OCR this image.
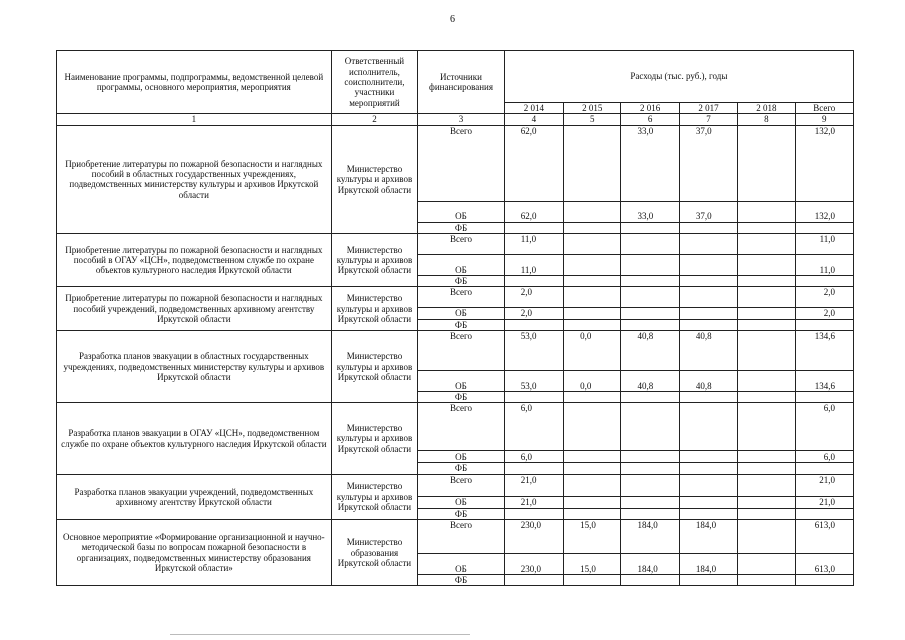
6
Наименование программы, подпрограммы, ведомственной целевой программы, основного мероприятия, мероприятия	Ответственный исполнитель, соисполнители, участники мероприятий	Источники финансирования	Расходы (тыс. руб.), годы					
			2 014	2 015	2 016	2 017	2 018	Всего
1	2	3	4	5	6	7	8	9
Приобретение литературы по пожарной безопасности и наглядных пособий в областных государственных учреждениях, подведомственных министерству культуры и архивов Иркутской области	Министерство культуры и архивов Иркутской области	Всего	62,0		33,0	37,0		132,0
		ОБ	62,0		33,0	37,0		132,0
		ФБ						
Приобретение литературы по пожарной безопасности и наглядных пособий в ОГАУ «ЦСН», подведомственном службе по охране объектов культурного наследия Иркутской области	Министерство культуры и архивов Иркутской области	Всего	11,0					11,0
		ОБ	11,0					11,0
		ФБ						
Приобретение литературы по пожарной безопасности и наглядных пособий учреждений, подведомственных архивному агентству Иркутской области	Министерство культуры и архивов Иркутской области	Всего	2,0					2,0
		ОБ	2,0					2,0
		ФБ						
Разработка планов эвакуации в областных государственных учреждениях, подведомственных министерству культуры и архивов Иркутской области	Министерство культуры и архивов Иркутской области	Всего	53,0	0,0	40,8	40,8		134,6
		ОБ	53,0	0,0	40,8	40,8		134,6
		ФБ						
Разработка планов эвакуации в ОГАУ «ЦСН», подведомственном службе по охране объектов культурного наследия Иркутской области	Министерство культуры и архивов Иркутской области	Всего	6,0					6,0
		ОБ	6,0					6,0
		ФБ						
Разработка планов эвакуации учреждений, подведомственных архивному агентству Иркутской области	Министерство культуры и архивов Иркутской области	Всего	21,0					21,0
		ОБ	21,0					21,0
		ФБ						
Основное мероприятие «Формирование организационной и научно-методической базы по вопросам пожарной безопасности в организациях, подведомственных министерству образования Иркутской области»	Министерство образования Иркутской области	Всего	230,0	15,0	184,0	184,0		613,0
		ОБ	230,0	15,0	184,0	184,0		613,0
		ФБ						
